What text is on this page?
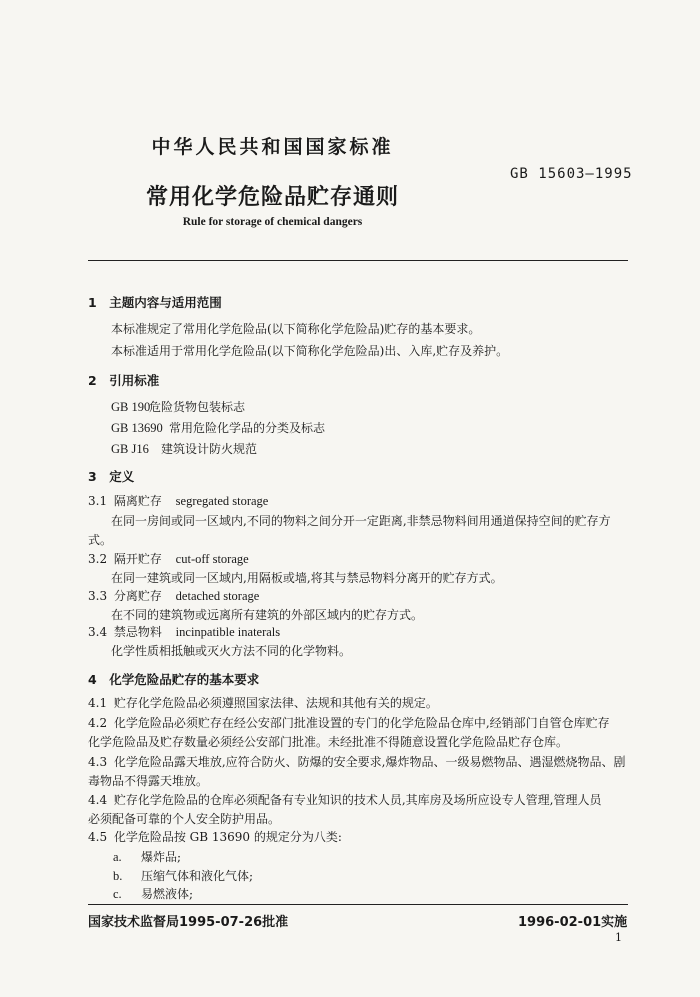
中华人民共和国国家标准
GB 15603—1995
常用化学危险品贮存通则
Rule for storage of chemical dangers
1　主题内容与适用范围
本标准规定了常用化学危险品(以下简称化学危险品)贮存的基本要求。
本标准适用于常用化学危险品(以下简称化学危险品)出、入库,贮存及养护。
2　引用标准
GB 190危险货物包装标志
GB 13690 常用危险化学品的分类及标志
GB J16 建筑设计防火规范
3　定义
3.1 隔离贮存 segregated storage
在同一房间或同一区域内,不同的物料之间分开一定距离,非禁忌物料间用通道保持空间的贮存方
式。
3.2 隔开贮存 cut-off storage
在同一建筑或同一区域内,用隔板或墙,将其与禁忌物料分离开的贮存方式。
3.3 分离贮存 detached storage
在不同的建筑物或远离所有建筑的外部区域内的贮存方式。
3.4 禁忌物料 incinpatible inaterals
化学性质相抵触或灭火方法不同的化学物料。
4　化学危险品贮存的基本要求
4.1 贮存化学危险品必须遵照国家法律、法规和其他有关的规定。
4.2 化学危险品必须贮存在经公安部门批准设置的专门的化学危险品仓库中,经销部门自管仓库贮存
化学危险品及贮存数量必须经公安部门批准。未经批准不得随意设置化学危险品贮存仓库。
4.3 化学危险品露天堆放,应符合防火、防爆的安全要求,爆炸物品、一级易燃物品、遇湿燃烧物品、剧
毒物品不得露天堆放。
4.4 贮存化学危险品的仓库必须配备有专业知识的技术人员,其库房及场所应设专人管理,管理人员
必须配备可靠的个人安全防护用品。
4.5 化学危险品按 GB 13690 的规定分为八类:
a. 爆炸品;
b. 压缩气体和液化气体;
c. 易燃液体;
国家技术监督局1995-07-26批准	1996-02-01实施
1
